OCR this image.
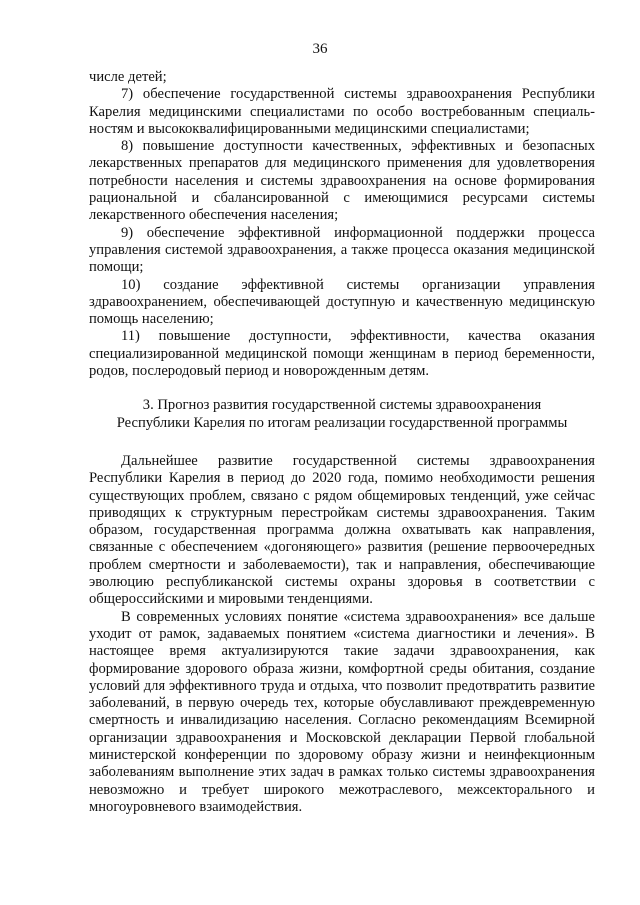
36

числе детей;

7) обеспечение государственной системы здравоохранения Республики Карелия медицинскими специалистами по особо востребованным специальностям и высококвалифицированными медицинскими специалистами;

8) повышение доступности качественных, эффективных и безопасных лекарственных препаратов для медицинского применения для удовлетворения потребности населения и системы здравоохранения на основе формирования рациональной и сбалансированной с имеющимися ресурсами системы лекарственного обеспечения населения;

9) обеспечение эффективной информационной поддержки процесса управления системой здравоохранения, а также процесса оказания медицинской помощи;

10) создание эффективной системы организации управления здравоохранением, обеспечивающей доступную и качественную медицинскую помощь населению;

11) повышение доступности, эффективности, качества оказания специализированной медицинской помощи женщинам в период беременности, родов, послеродовый период и новорожденным детям.

3. Прогноз развития государственной системы здравоохранения
Республики Карелия по итогам реализации государственной программы

Дальнейшее развитие государственной системы здравоохранения Республики Карелия в период до 2020 года, помимо необходимости решения существующих проблем, связано с рядом общемировых тенденций, уже сейчас приводящих к структурным перестройкам системы здравоохранения. Таким образом, государственная программа должна охватывать как направления, связанные с обеспечением «догоняющего» развития (решение первоочередных проблем смертности и заболеваемости), так и направления, обеспечивающие эволюцию республиканской системы охраны здоровья в соответствии с общероссийскими и мировыми тенденциями.

В современных условиях понятие «система здравоохранения» все дальше уходит от рамок, задаваемых понятием «система диагностики и лечения». В настоящее время актуализируются такие задачи здравоохранения, как формирование здорового образа жизни, комфортной среды обитания, создание условий для эффективного труда и отдыха, что позволит предотвратить развитие заболеваний, в первую очередь тех, которые обуславливают преждевременную смертность и инвалидизацию населения. Согласно рекомендациям Всемирной организации здравоохранения и Московской декларации Первой глобальной министерской конференции по здоровому образу жизни и неинфекционным заболеваниям выполнение этих задач в рамках только системы здравоохранения невозможно и требует широкого межотраслевого, межсекторального и многоуровневого взаимодействия.
